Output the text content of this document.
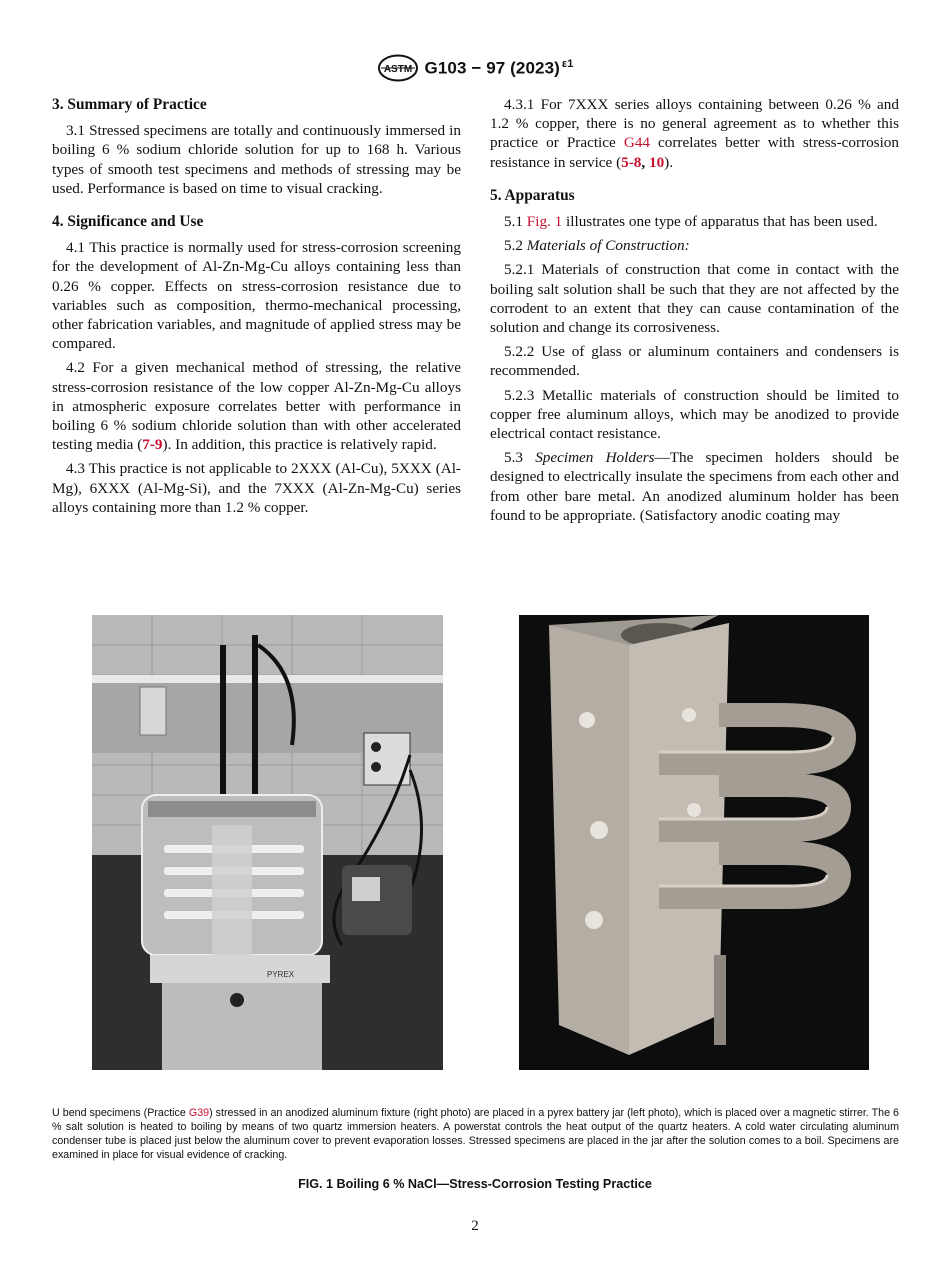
ASTM G103 − 97 (2023) $^{\varepsilon 1}$
3. Summary of Practice

3.1 Stressed specimens are totally and continuously immersed in boiling 6 % sodium chloride solution for up to 168 h. Various types of smooth test specimens and methods of stressing may be used. Performance is based on time to visual cracking.

4. Significance and Use

4.1 This practice is normally used for stress-corrosion screening for the development of Al-Zn-Mg-Cu alloys containing less than 0.26 % copper. Effects on stress-corrosion resistance due to variables such as composition, thermo-mechanical processing, other fabrication variables, and magnitude of applied stress may be compared.

4.2 For a given mechanical method of stressing, the relative stress-corrosion resistance of the low copper Al-Zn-Mg-Cu alloys in atmospheric exposure correlates better with performance in boiling 6 % sodium chloride solution than with other accelerated testing media (7-9). In addition, this practice is relatively rapid.

4.3 This practice is not applicable to 2XXX (Al-Cu), 5XXX (Al-Mg), 6XXX (Al-Mg-Si), and the 7XXX (Al-Zn-Mg-Cu) series alloys containing more than 1.2 % copper.

4.3.1 For 7XXX series alloys containing between 0.26 % and 1.2 % copper, there is no general agreement as to whether this practice or Practice G44 correlates better with stress-corrosion resistance in service (5-8, 10).

5. Apparatus

5.1 Fig. 1 illustrates one type of apparatus that has been used.

5.2 Materials of Construction:

5.2.1 Materials of construction that come in contact with the boiling salt solution shall be such that they are not affected by the corrodent to an extent that they can cause contamination of the solution and change its corrosiveness.

5.2.2 Use of glass or aluminum containers and condensers is recommended.

5.2.3 Metallic materials of construction should be limited to copper free aluminum alloys, which may be anodized to provide electrical contact resistance.

5.3 Specimen Holders—The specimen holders should be designed to electrically insulate the specimens from each other and from other bare metal. An anodized aluminum holder has been found to be appropriate. (Satisfactory anodic coating may

PYREX
U bend specimens (Practice G39) stressed in an anodized aluminum fixture (right photo) are placed in a pyrex battery jar (left photo), which is placed over a magnetic stirrer. The 6 % salt solution is heated to boiling by means of two quartz immersion heaters. A powerstat controls the heat output of the quartz heaters. A cold water circulating aluminum condenser tube is placed just below the aluminum cover to prevent evaporation losses. Stressed specimens are placed in the jar after the solution comes to a boil. Specimens are examined in place for visual evidence of cracking.
FIG. 1 Boiling 6 % NaCl—Stress-Corrosion Testing Practice
2
